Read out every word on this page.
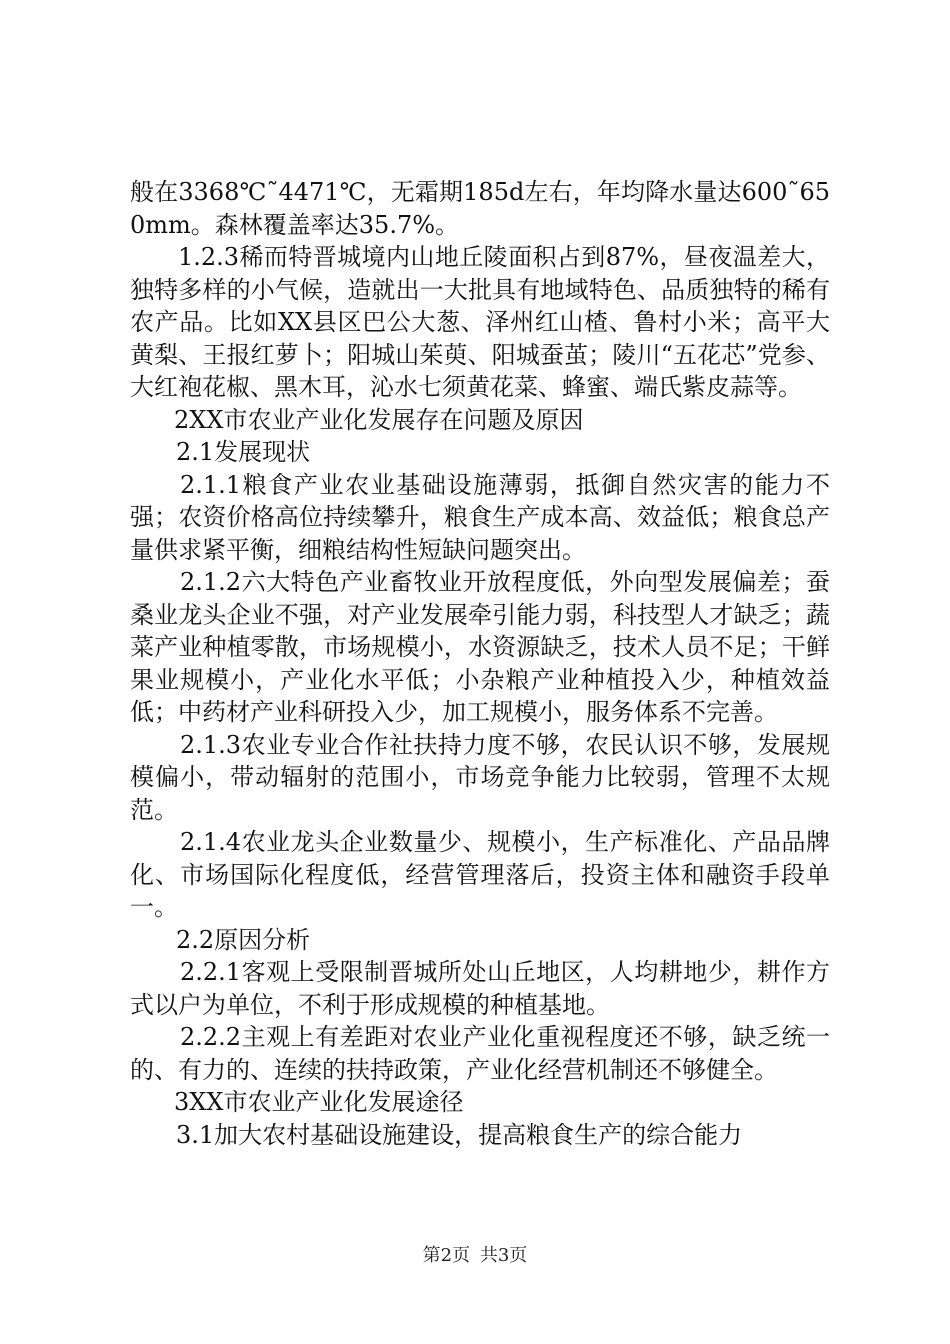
般在3368℃˜4471℃，无霜期185d左右，年均降水量达600˜650mm。森林覆盖率达35.7%。

1.2.3稀而特晋城境内山地丘陵面积占到87%，昼夜温差大，独特多样的小气候，造就出一大批具有地域特色、品质独特的稀有农产品。比如XX县区巴公大葱、泽州红山楂、鲁村小米；高平大黄梨、王报红萝卜；阳城山茱萸、阳城蚕茧；陵川“五花芯”党参、大红袍花椒、黑木耳，沁水七须黄花菜、蜂蜜、端氏紫皮蒜等。

2XX市农业产业化发展存在问题及原因

2.1发展现状

2.1.1粮食产业农业基础设施薄弱，抵御自然灾害的能力不强；农资价格高位持续攀升，粮食生产成本高、效益低；粮食总产量供求紧平衡，细粮结构性短缺问题突出。

2.1.2六大特色产业畜牧业开放程度低，外向型发展偏差；蚕桑业龙头企业不强，对产业发展牵引能力弱，科技型人才缺乏；蔬菜产业种植零散，市场规模小，水资源缺乏，技术人员不足；干鲜果业规模小，产业化水平低；小杂粮产业种植投入少，种植效益低；中药材产业科研投入少，加工规模小，服务体系不完善。

2.1.3农业专业合作社扶持力度不够，农民认识不够，发展规模偏小，带动辐射的范围小，市场竞争能力比较弱，管理不太规范。

2.1.4农业龙头企业数量少、规模小，生产标准化、产品品牌化、市场国际化程度低，经营管理落后，投资主体和融资手段单一。

2.2原因分析

2.2.1客观上受限制晋城所处山丘地区，人均耕地少，耕作方式以户为单位，不利于形成规模的种植基地。

2.2.2主观上有差距对农业产业化重视程度还不够，缺乏统一的、有力的、连续的扶持政策，产业化经营机制还不够健全。

3XX市农业产业化发展途径

3.1加大农村基础设施建设，提高粮食生产的综合能力

第2页 共3页
